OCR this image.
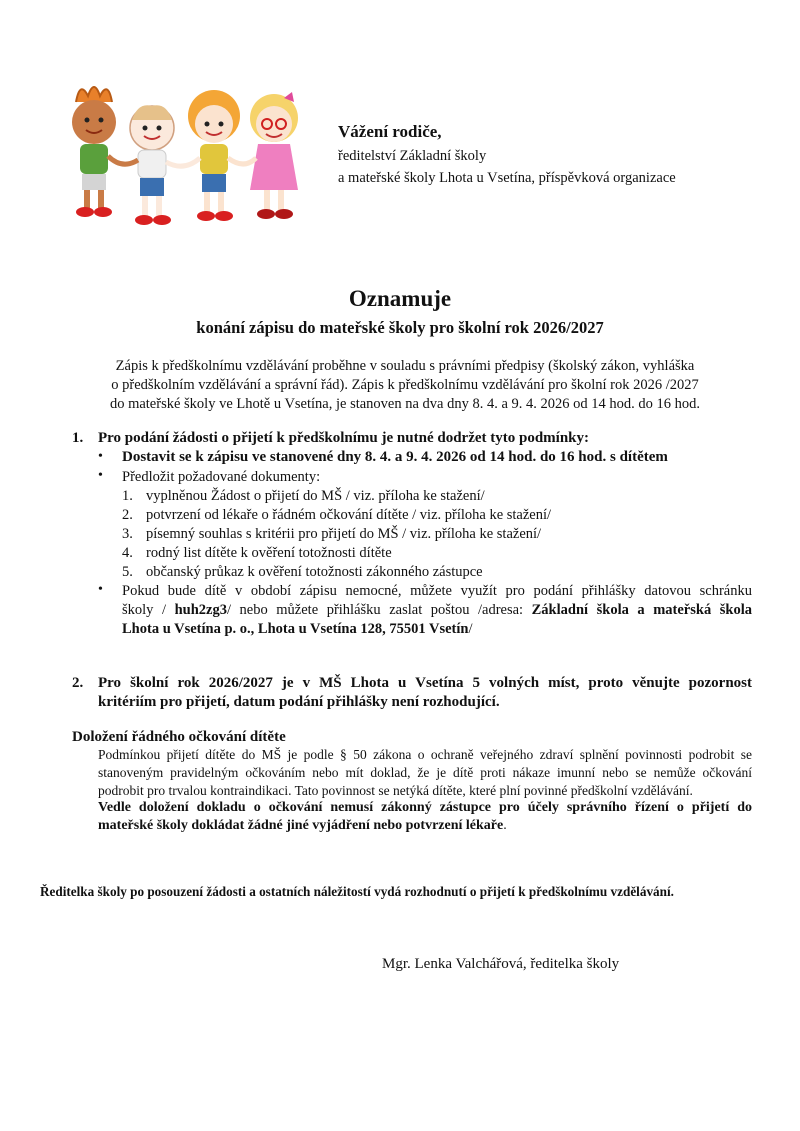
Vážení rodiče,
ředitelství Základní školy
a mateřské školy Lhota u Vsetína, příspěvková organizace
Oznamuje
konání zápisu do mateřské školy pro školní rok 2026/2027
Zápis k předškolnímu vzdělávání proběhne v souladu s právními předpisy (školský zákon, vyhláška
o předškolním vzdělávání a správní řád). Zápis k předškolnímu vzdělávání pro školní rok 2026 /2027
do mateřské školy ve Lhotě u Vsetína, je stanoven na dva dny 8. 4. a 9. 4. 2026 od 14 hod. do 16 hod.
1. Pro podání žádosti o přijetí k předškolnímu je nutné dodržet tyto podmínky:
• Dostavit se k zápisu ve stanovené dny 8. 4. a 9. 4. 2026 od 14 hod. do 16 hod. s dítětem
• Předložit požadované dokumenty:
1. vyplněnou Žádost o přijetí do MŠ / viz. příloha ke stažení/
2. potvrzení od lékaře o řádném očkování dítěte / viz. příloha ke stažení/
3. písemný souhlas s kritérii pro přijetí do MŠ / viz. příloha ke stažení/
4. rodný list dítěte k ověření totožnosti dítěte
5. občanský průkaz k ověření totožnosti zákonného zástupce
• Pokud bude dítě v období zápisu nemocné, můžete využít pro podání přihlášky datovou schránku
školy / huh2zg3/ nebo můžete přihlášku zaslat poštou /adresa: Základní škola a mateřská škola
Lhota u Vsetína p. o., Lhota u Vsetína 128, 75501 Vsetín/
2. Pro školní rok 2026/2027 je v MŠ Lhota u Vsetína 5 volných míst, proto věnujte pozornost
kritériím pro přijetí, datum podání přihlášky není rozhodující.
Doložení řádného očkování dítěte
Podmínkou přijetí dítěte do MŠ je podle § 50 zákona o ochraně veřejného zdraví splnění povinnosti podrobit se
stanoveným pravidelným očkováním nebo mít doklad, že je dítě proti nákaze imunní nebo se nemůže očkování
podrobit pro trvalou kontraindikaci. Tato povinnost se netýká dítěte, které plní povinné předškolní vzdělávání.
Vedle doložení dokladu o očkování nemusí zákonný zástupce pro účely správního řízení o přijetí do
mateřské školy dokládat žádné jiné vyjádření nebo potvrzení lékaře.
Ředitelka školy po posouzení žádosti a ostatních náležitostí vydá rozhodnutí o přijetí k předškolnímu vzdělávání.
Mgr. Lenka Valchářová, ředitelka školy
